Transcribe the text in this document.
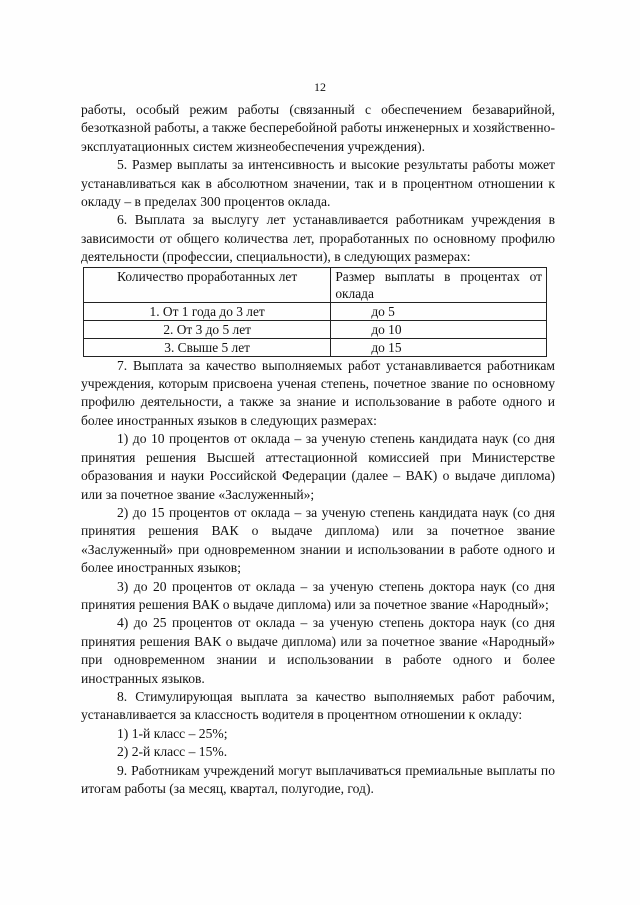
12

работы, особый режим работы (связанный с обеспечением безаварийной, безотказной работы, а также бесперебойной работы инженерных и хозяйственно-эксплуатационных систем жизнеобеспечения учреждения).

5. Размер выплаты за интенсивность и высокие результаты работы может устанавливаться как в абсолютном значении, так и в процентном отношении к окладу – в пределах 300 процентов оклада.

6. Выплата за выслугу лет устанавливается работникам учреждения в зависимости от общего количества лет, проработанных по основному профилю деятельности (профессии, специальности), в следующих размерах:

Количество проработанных лет	Размер выплаты в процентах от оклада
1. От 1 года до 3 лет	до 5
2. От 3 до 5 лет	до 10
3. Свыше 5 лет	до 15

7. Выплата за качество выполняемых работ устанавливается работникам учреждения, которым присвоена ученая степень, почетное звание по основному профилю деятельности, а также за знание и использование в работе одного и более иностранных языков в следующих размерах:

1) до 10 процентов от оклада – за ученую степень кандидата наук (со дня принятия решения Высшей аттестационной комиссией при Министерстве образования и науки Российской Федерации (далее – ВАК) о выдаче диплома) или за почетное звание «Заслуженный»;

2) до 15 процентов от оклада – за ученую степень кандидата наук (со дня принятия решения ВАК о выдаче диплома) или за почетное звание «Заслуженный» при одновременном знании и использовании в работе одного и более иностранных языков;

3) до 20 процентов от оклада – за ученую степень доктора наук (со дня принятия решения ВАК о выдаче диплома) или за почетное звание «Народный»;

4) до 25 процентов от оклада – за ученую степень доктора наук (со дня принятия решения ВАК о выдаче диплома) или за почетное звание «Народный» при одновременном знании и использовании в работе одного и более иностранных языков.

8. Стимулирующая выплата за качество выполняемых работ рабочим, устанавливается за классность водителя в процентном отношении к окладу:

1) 1-й класс – 25%;

2) 2-й класс – 15%.

9. Работникам учреждений могут выплачиваться премиальные выплаты по итогам работы (за месяц, квартал, полугодие, год).
